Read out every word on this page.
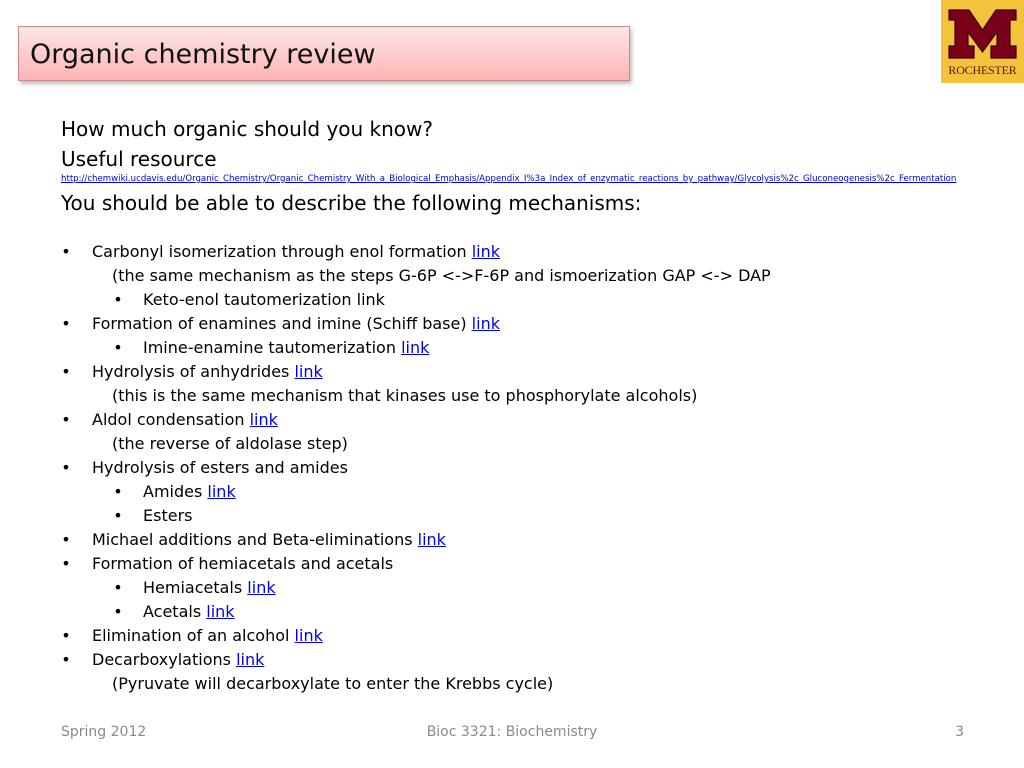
Organic chemistry review	ROCHESTER
How much organic should you know?
Useful resource
http://chemwiki.ucdavis.edu/Organic_Chemistry/Organic_Chemistry_With_a_Biological_Emphasis/Appendix_I%3a_Index_of_enzymatic_reactions_by_pathway/Glycolysis%2c_Gluconeogenesis%2c_Fermentation
You should be able to describe the following mechanisms:
• Carbonyl isomerization through enol formation link
(the same mechanism as the steps G-6P <->F-6P and ismoerization GAP <-> DAP
• Keto-enol tautomerization link
• Formation of enamines and imine (Schiff base) link
• Imine-enamine tautomerization link
• Hydrolysis of anhydrides link
(this is the same mechanism that kinases use to phosphorylate alcohols)
• Aldol condensation link
(the reverse of aldolase step)
• Hydrolysis of esters and amides
• Amides link
• Esters
• Michael additions and Beta-eliminations link
• Formation of hemiacetals and acetals
• Hemiacetals link
• Acetals link
• Elimination of an alcohol link
• Decarboxylations link
(Pyruvate will decarboxylate to enter the Krebbs cycle)
Spring 2012	Bioc 3321: Biochemistry	3
